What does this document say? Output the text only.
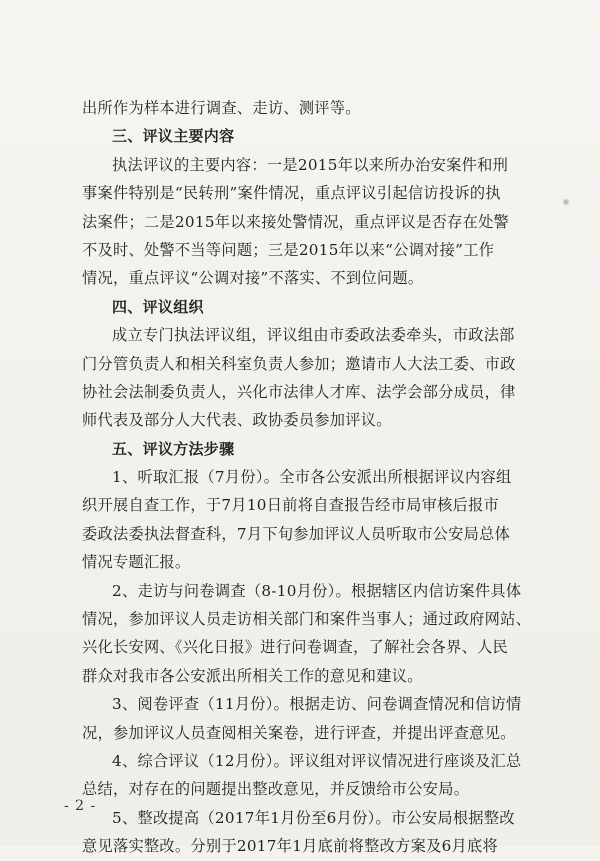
出所作为样本进行调查、走访、测评等。
三、评议主要内容
执法评议的主要内容：一是2015年以来所办治安案件和刑
事案件特别是“民转刑”案件情况，重点评议引起信访投诉的执
法案件；二是2015年以来接处警情况，重点评议是否存在处警
不及时、处警不当等问题；三是2015年以来“公调对接”工作
情况，重点评议“公调对接”不落实、不到位问题。
四、评议组织
成立专门执法评议组，评议组由市委政法委牵头，市政法部
门分管负责人和相关科室负责人参加；邀请市人大法工委、市政
协社会法制委负责人，兴化市法律人才库、法学会部分成员，律
师代表及部分人大代表、政协委员参加评议。
五、评议方法步骤
1、听取汇报（7月份）。全市各公安派出所根据评议内容组
织开展自查工作，于7月10日前将自查报告经市局审核后报市
委政法委执法督查科，7月下旬参加评议人员听取市公安局总体
情况专题汇报。
2、走访与问卷调查（8-10月份）。根据辖区内信访案件具体
情况，参加评议人员走访相关部门和案件当事人；通过政府网站、
兴化长安网、《兴化日报》进行问卷调查，了解社会各界、人民
群众对我市各公安派出所相关工作的意见和建议。
3、阅卷评查（11月份）。根据走访、问卷调查情况和信访情
况，参加评议人员查阅相关案卷，进行评查，并提出评查意见。
4、综合评议（12月份）。评议组对评议情况进行座谈及汇总
总结，对存在的问题提出整改意见，并反馈给市公安局。
5、整改提高（2017年1月份至6月份）。市公安局根据整改
意见落实整改。分别于2017年1月底前将整改方案及6月底将
- 2 -
